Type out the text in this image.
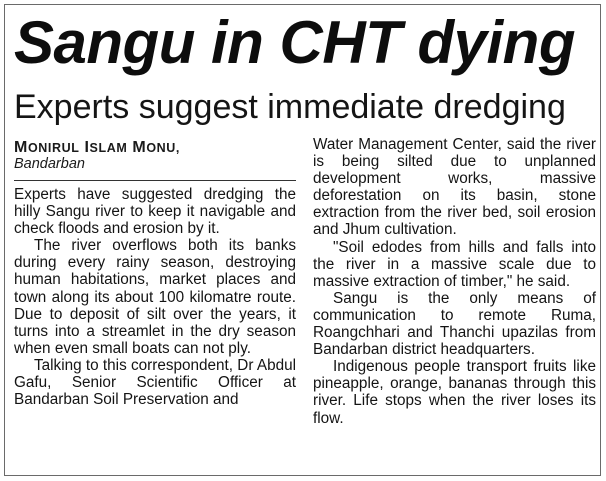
Sangu in CHT dying
Experts suggest immediate dredging
MONIRUL ISLAM MONU,
Bandarban

Experts have suggested dredging the hilly Sangu river to keep it navigable and check floods and erosion by it.

The river overflows both its banks during every rainy season, destroying human habitations, market places and town along its about 100 kilomatre route. Due to deposit of silt over the years, it turns into a streamlet in the dry season when even small boats can not ply.

Talking to this correspondent, Dr Abdul Gafu, Senior Scientific Officer at Bandarban Soil Preservation and

Water Management Center, said the river is being silted due to unplanned development works, massive deforestation on its basin, stone extraction from the river bed, soil erosion and Jhum cultivation.

"Soil edodes from hills and falls into the river in a massive scale due to massive extraction of timber," he said.

Sangu is the only means of communication to remote Ruma, Roangchhari and Thanchi upazilas from Bandarban district headquarters.

Indigenous people transport fruits like pineapple, orange, bananas through this river. Life stops when the river loses its flow.
